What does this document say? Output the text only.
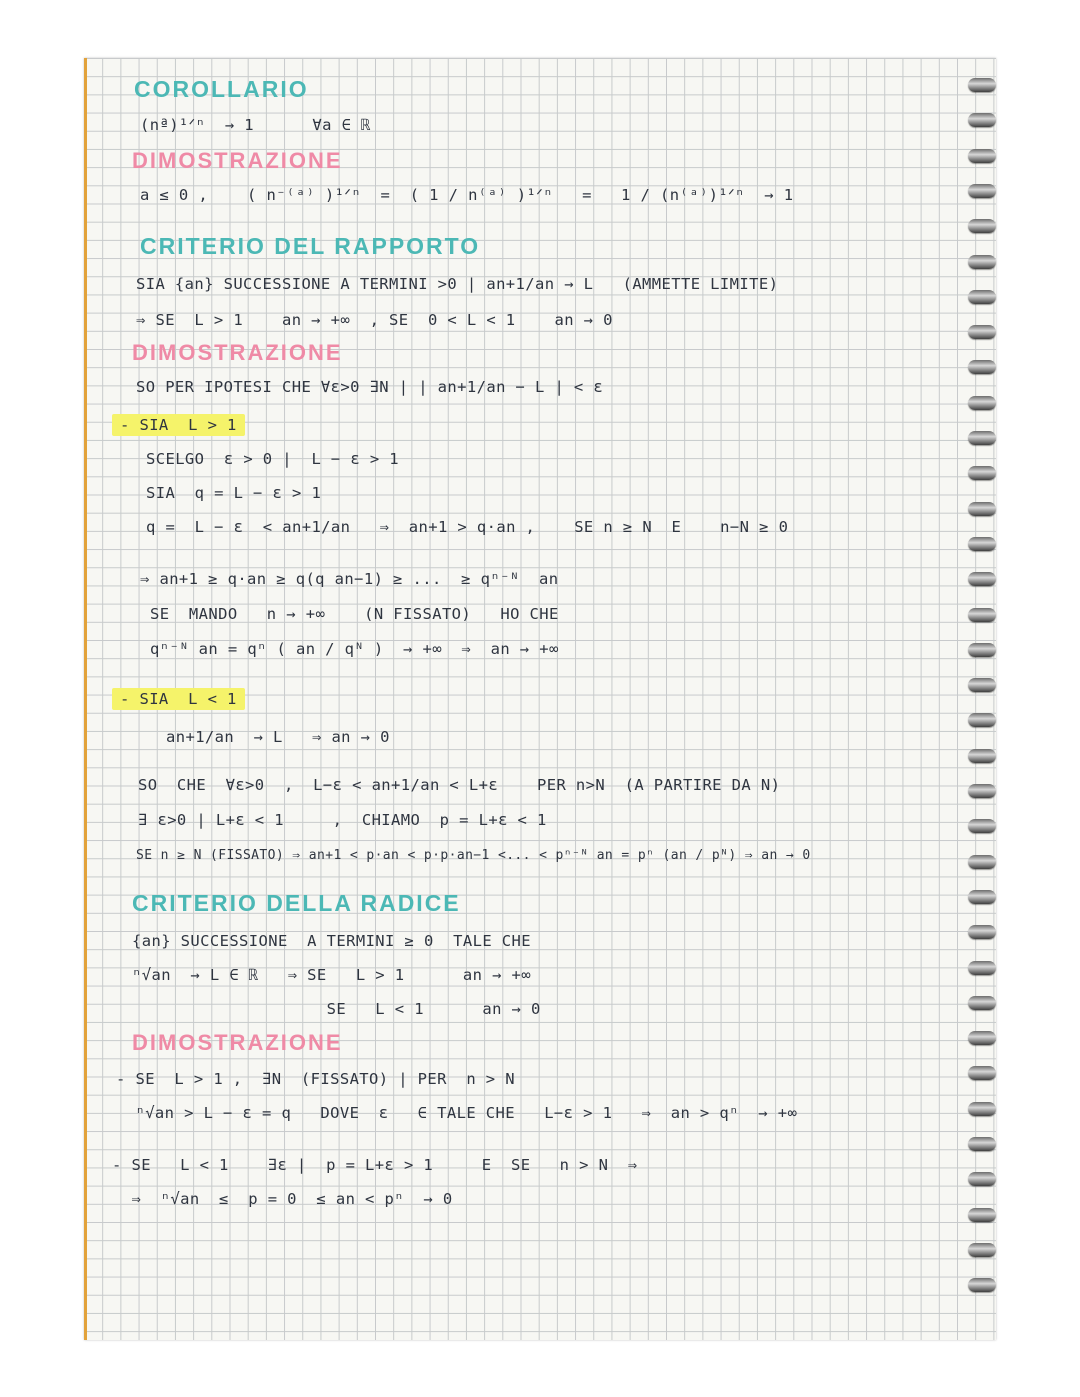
COROLLARIO
(nª)¹ᐟⁿ  → 1      ∀a ∈ ℝ
DIMOSTRAZIONE
a ≤ 0 ,    ( n⁻⁽ᵃ⁾ )¹ᐟⁿ  =  ( 1 / n⁽ᵃ⁾ )¹ᐟⁿ   =   1 / (n⁽ᵃ⁾)¹ᐟⁿ  → 1
CRITERIO DEL RAPPORTO
SIA {an} SUCCESSIONE A TERMINI >0 | an+1/an → L   (AMMETTE LIMITE)
⇒ SE  L > 1    an → +∞  , SE  0 < L < 1    an → 0
DIMOSTRAZIONE
SO PER IPOTESI CHE ∀ε>0 ∃N | | an+1/an − L | < ε
- SIA  L > 1
SCELGO  ε > 0 |  L − ε > 1
SIA  q = L − ε > 1
q =  L − ε  < an+1/an   ⇒  an+1 > q·an ,    SE n ≥ N  E    n−N ≥ 0
⇒ an+1 ≥ q·an ≥ q(q an−1) ≥ ...  ≥ qⁿ⁻ᴺ  an
SE  MANDO   n → +∞    (N FISSATO)   HO CHE
qⁿ⁻ᴺ an = qⁿ ( an / qᴺ )  → +∞  ⇒  an → +∞
- SIA  L < 1
an+1/an  → L   ⇒ an → 0
SO  CHE  ∀ε>0  ,  L−ε < an+1/an < L+ε    PER n>N  (A PARTIRE DA N)
∃ ε>0 | L+ε < 1     ,  CHIAMO  p = L+ε < 1
SE n ≥ N (FISSATO) ⇒ an+1 < p·an < p·p·an−1 <... < pⁿ⁻ᴺ an = pⁿ (an / pᴺ) ⇒ an → 0
CRITERIO DELLA RADICE
{an} SUCCESSIONE  A TERMINI ≥ 0  TALE CHE
ⁿ√an  → L ∈ ℝ   ⇒ SE   L > 1      an → +∞
SE   L < 1      an → 0
DIMOSTRAZIONE
- SE  L > 1 ,  ∃N  (FISSATO) | PER  n > N
ⁿ√an > L − ε = q   DOVE  ε   ∈ TALE CHE   L−ε > 1   ⇒  an > qⁿ  → +∞
- SE   L < 1    ∃ε |  p = L+ε > 1     E  SE   n > N  ⇒
⇒  ⁿ√an  ≤  p = 0  ≤ an < pⁿ  → 0
